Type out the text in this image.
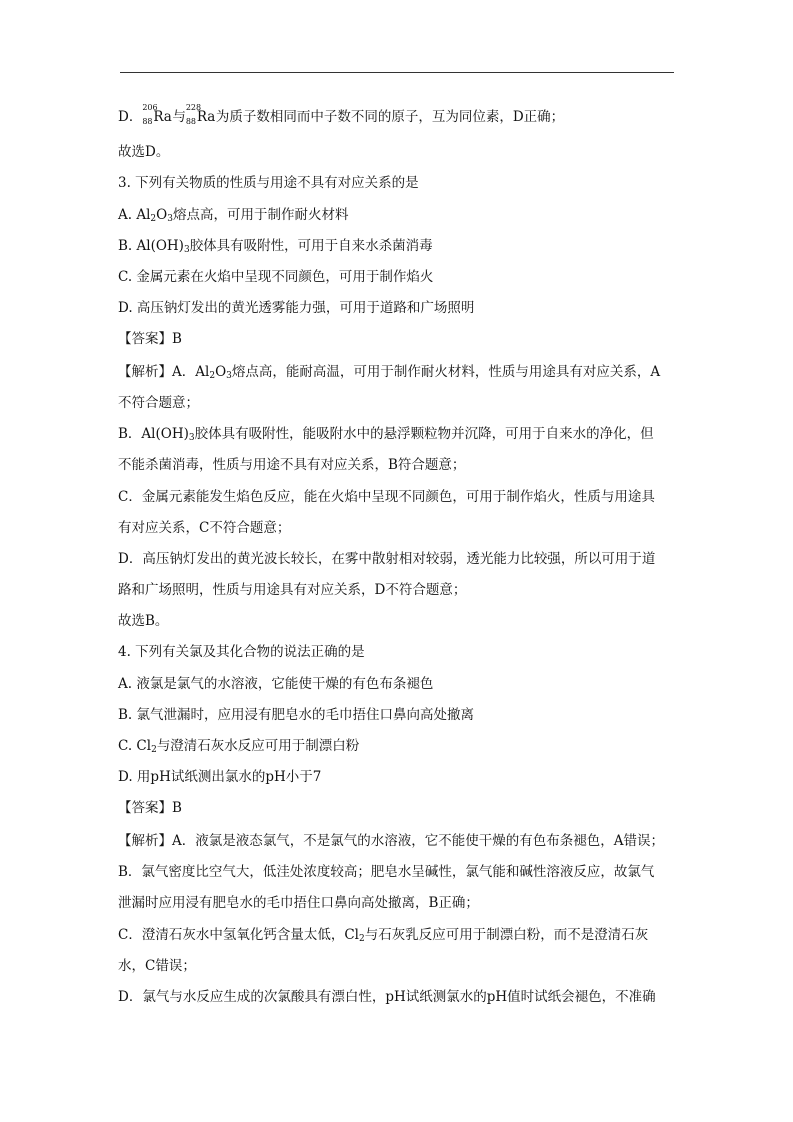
D．
206
88 Ra 与
228
88 Ra 为质子数相同而中子数不同的原子，互为同位素，D正确；
故选D。
3. 下列有关物质的性质与用途不具有对应关系的是
A. $Al_2O_3$熔点高，可用于制作耐火材料
B. $Al(OH)_3$胶体具有吸附性，可用于自来水杀菌消毒
C. 金属元素在火焰中呈现不同颜色，可用于制作焰火
D. 高压钠灯发出的黄光透雾能力强，可用于道路和广场照明
【答案】B
【解析】A．$Al_2O_3$熔点高，能耐高温，可用于制作耐火材料，性质与用途具有对应关系，A
不符合题意；
B．$Al(OH)_3$胶体具有吸附性，能吸附水中的悬浮颗粒物并沉降，可用于自来水的净化，但
不能杀菌消毒，性质与用途不具有对应关系，B符合题意；
C．金属元素能发生焰色反应，能在火焰中呈现不同颜色，可用于制作焰火，性质与用途具
有对应关系，C不符合题意；
D．高压钠灯发出的黄光波长较长，在雾中散射相对较弱，透光能力比较强，所以可用于道
路和广场照明，性质与用途具有对应关系，D不符合题意；
故选B。
4. 下列有关氯及其化合物的说法正确的是
A. 液氯是氯气的水溶液，它能使干燥的有色布条褪色
B. 氯气泄漏时，应用浸有肥皂水的毛巾捂住口鼻向高处撤离
C. $Cl_2$与澄清石灰水反应可用于制漂白粉
D. 用pH试纸测出氯水的pH小于7
【答案】B
【解析】A．液氯是液态氯气，不是氯气的水溶液，它不能使干燥的有色布条褪色，A错误；
B．氯气密度比空气大，低洼处浓度较高；肥皂水呈碱性，氯气能和碱性溶液反应，故氯气
泄漏时应用浸有肥皂水的毛巾捂住口鼻向高处撤离，B正确；
C．澄清石灰水中氢氧化钙含量太低，$Cl_2$与石灰乳反应可用于制漂白粉，而不是澄清石灰
水，C错误；
D．氯气与水反应生成的次氯酸具有漂白性，pH试纸测氯水的pH值时试纸会褪色，不准确
